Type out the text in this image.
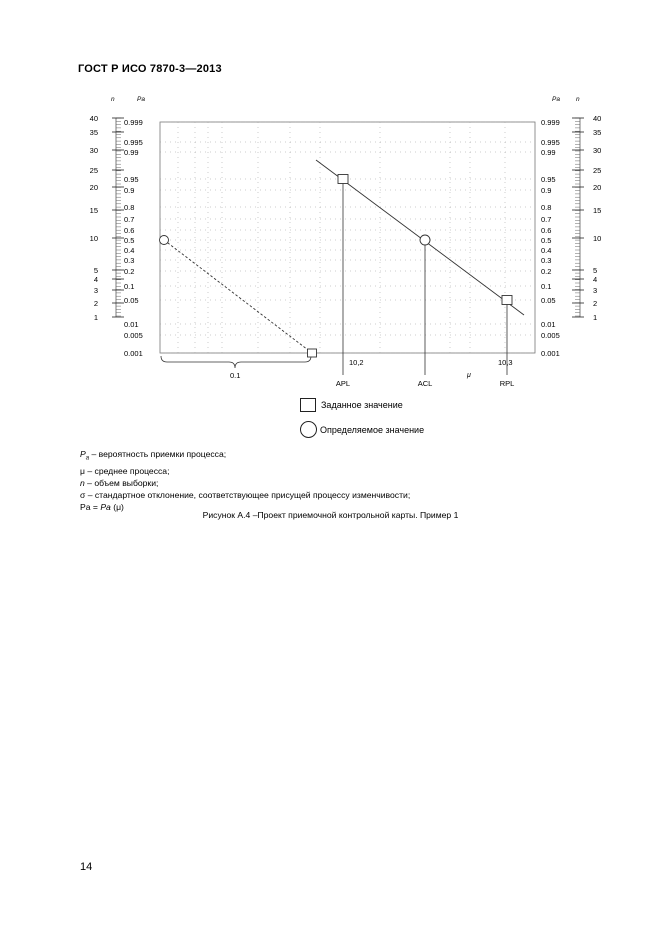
ГОСТ Р ИСО 7870-3—2013
40
35
30
25
20
15
10
5
4
3
2
1
n	Pa
0.999
0.995
0.99
0.95
0.9
0.8
0.7
0.6
0.5
0.4
0.3
0.2
0.1
0.05
0.01
0.005
0.001
0.999
0.995
0.99
0.95
0.9
0.8
0.7
0.6
0.5
0.4
0.3
0.2
0.1
0.05
0.01
0.005
0.001
40
35
30
25
20
15
10
5
4
3
2
1
Pa n
10,2	10,3
μ
APL	ACL	RPL
0.1
Заданное значение
Определяемое значение
$P_a$ – вероятность приемки процесса;
μ – среднее процесса;
n – объем выборки;
σ – стандартное отклонение, соответствующее присущей процессу изменчивости;
Pa = Pa (μ)
Рисунок A.4 –Проект приемочной контрольной карты. Пример 1
14
